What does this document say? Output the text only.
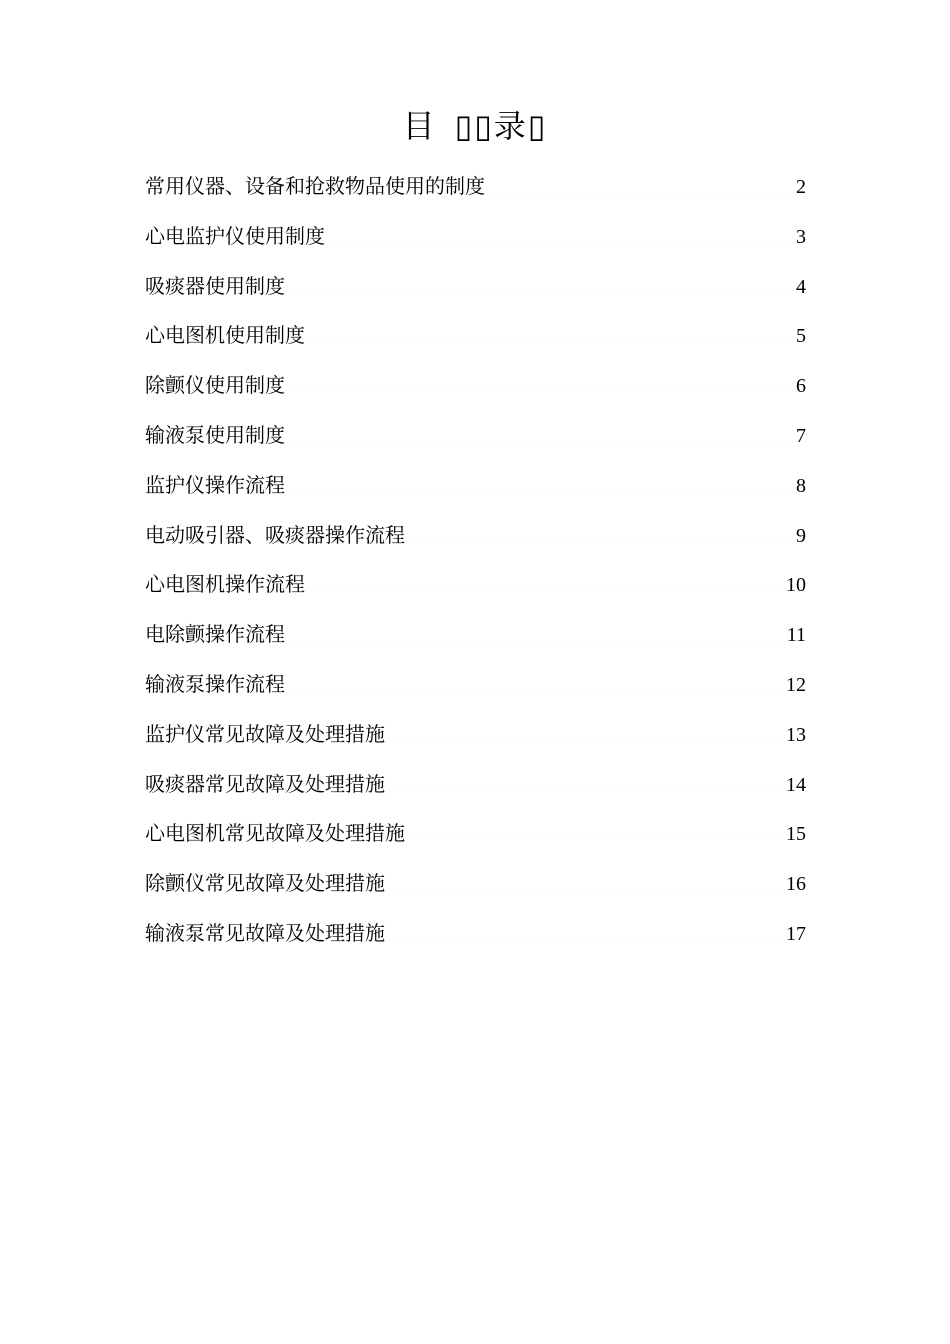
目 ▯▯录▯
常用仪器、设备和抢救物品使用的制度 .....	2
心电监护仪使用制度 .....	3
吸痰器使用制度 .....	4
心电图机使用制度 .....	5
除颤仪使用制度 .....	6
输液泵使用制度 .....	7
监护仪操作流程 .....	8
电动吸引器、吸痰器操作流程 .....	9
心电图机操作流程 .....	10
电除颤操作流程 .....	11
输液泵操作流程 .....	12
监护仪常见故障及处理措施 .....	13
吸痰器常见故障及处理措施 .....	14
心电图机常见故障及处理措施 .....	15
除颤仪常见故障及处理措施 .....	16
输液泵常见故障及处理措施 .....	17
